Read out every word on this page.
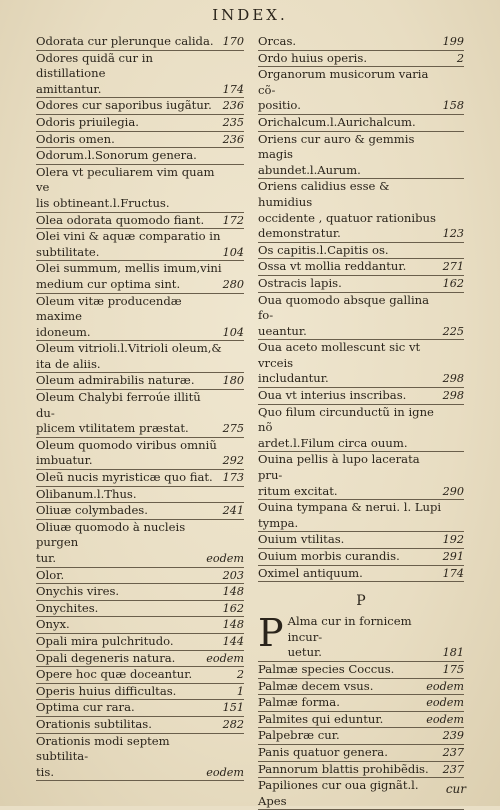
INDEX.
Odorata cur plerunque calida. 170
Odores quidã cur in distillatione
amittantur.	174
Odores cur saporibus iugãtur. 236
Odoris priuilegia.	235
Odoris omen.	236
Odorum.l.Sonorum genera.
Olera vt peculiarem vim quam ve
lis obtineant.l.Fructus.
Olea odorata quomodo fiant.	172
Olei vini & aquæ comparatio in
subtilitate.	104
Olei summum, mellis imum,vini
medium cur optima sint.	280
Oleum vitæ producendæ maxime
idoneum.	104
Oleum vitrioli.l.Vitrioli oleum,&
ita de aliis.
Oleum admirabilis naturæ.	180
Oleum Chalybi ferroúe illitũ du-
plicem vtilitatem præstat.	275
Oleum quomodo viribus omniũ
imbuatur.	292
Oleũ nucis myristicæ quo fiat. 173
Olibanum.l.Thus.
Oliuæ colymbades.	241
Oliuæ quomodo à nucleis purgen
tur.	eodem
Olor.	203
Onychis vires.	148
Onychites.	162
Onyx.	148
Opali mira pulchritudo.	144
Opali degeneris natura.	eodem
Opere hoc quæ doceantur.	2
Operis huius difficultas.	1
Optima cur rara.	151
Orationis subtilitas.	282
Orationis modi septem subtilita-
tis.	eodem
Orcas.	199
Ordo huius operis.	2
Organorum musicorum varia cõ-
positio.	158
Orichalcum.l.Aurichalcum.
Oriens cur auro & gemmis magis
abundet.l.Aurum.
Oriens calidius esse & humidius
occidente , quatuor rationibus
demonstratur.	123
Os capitis.l.Capitis os.
Ossa vt mollia reddantur.	271
Ostracis lapis.	162
Oua quomodo absque gallina fo-
ueantur.	225
Oua aceto mollescunt sic vt vrceis
includantur.	298
Oua vt interius inscribas.	298
Quo filum circunductũ in igne nõ
ardet.l.Filum circa ouum.
Ouina pellis à lupo lacerata pru-
ritum excitat.	290
Ouina tympana & nerui. l. Lupi
tympa.
Ouium vtilitas.	192
Ouium morbis curandis.	291
Oximel antiquum.	174
P
P Alma cur in fornicem incur-
uetur.	181
Palmæ species Coccus.	175
Palmæ decem vsus.	eodem
Palmæ forma.	eodem
Palmites qui eduntur.	eodem
Palpebræ cur.	239
Panis quatuor genera.	237
Pannorum blattis prohibẽdis.	237
Papiliones cur oua gignãt.l. Apes
cur
